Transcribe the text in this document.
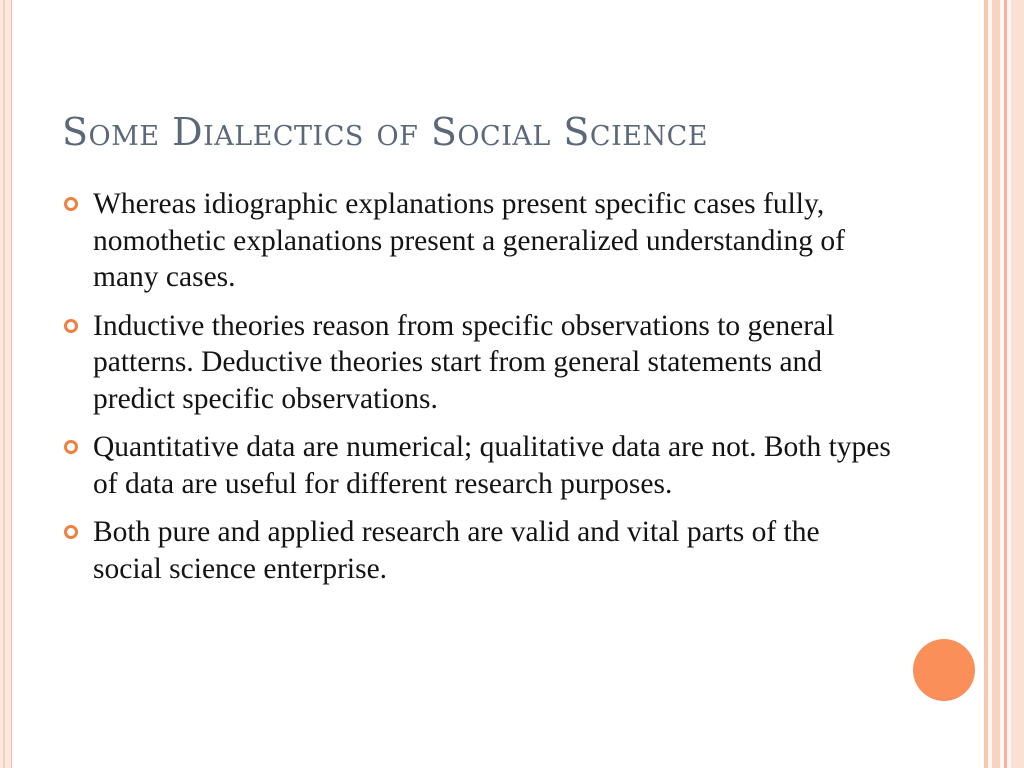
Some Dialectics of Social Science
Whereas idiographic explanations present specific cases fully, nomothetic explanations present a generalized understanding of many cases.
Inductive theories reason from specific observations to general patterns. Deductive theories start from general statements and predict specific observations.
Quantitative data are numerical; qualitative data are not. Both types of data are useful for different research purposes.
Both pure and applied research are valid and vital parts of the social science enterprise.
